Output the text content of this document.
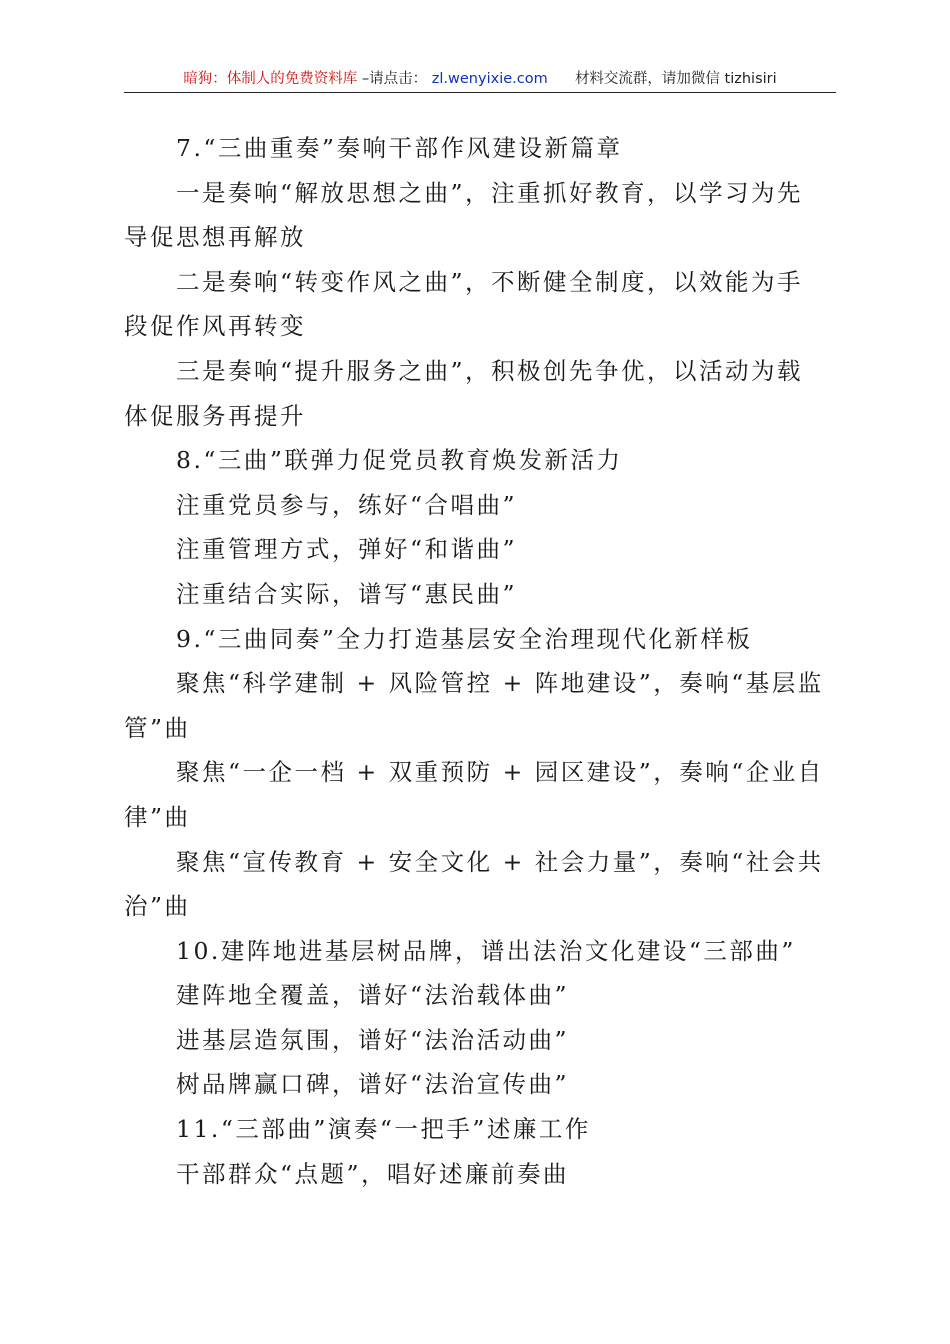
暗狗：体制人的免费资料库 –请点击： zl.wenyixie.com 材料交流群，请加微信 tizhisiri
7.“三曲重奏”奏响干部作风建设新篇章
一是奏响“解放思想之曲”，注重抓好教育，以学习为先
导促思想再解放
二是奏响“转变作风之曲”，不断健全制度，以效能为手
段促作风再转变
三是奏响“提升服务之曲”，积极创先争优，以活动为载
体促服务再提升
8.“三曲”联弹力促党员教育焕发新活力
注重党员参与，练好“合唱曲”
注重管理方式，弹好“和谐曲”
注重结合实际，谱写“惠民曲”
9.“三曲同奏”全力打造基层安全治理现代化新样板
聚焦“科学建制 + 风险管控 + 阵地建设”，奏响“基层监
管”曲
聚焦“一企一档 + 双重预防 + 园区建设”，奏响“企业自
律”曲
聚焦“宣传教育 + 安全文化 + 社会力量”，奏响“社会共
治”曲
10.建阵地进基层树品牌，谱出法治文化建设“三部曲”
建阵地全覆盖，谱好“法治载体曲”
进基层造氛围，谱好“法治活动曲”
树品牌赢口碑，谱好“法治宣传曲”
11.“三部曲”演奏“一把手”述廉工作
干部群众“点题”，唱好述廉前奏曲
